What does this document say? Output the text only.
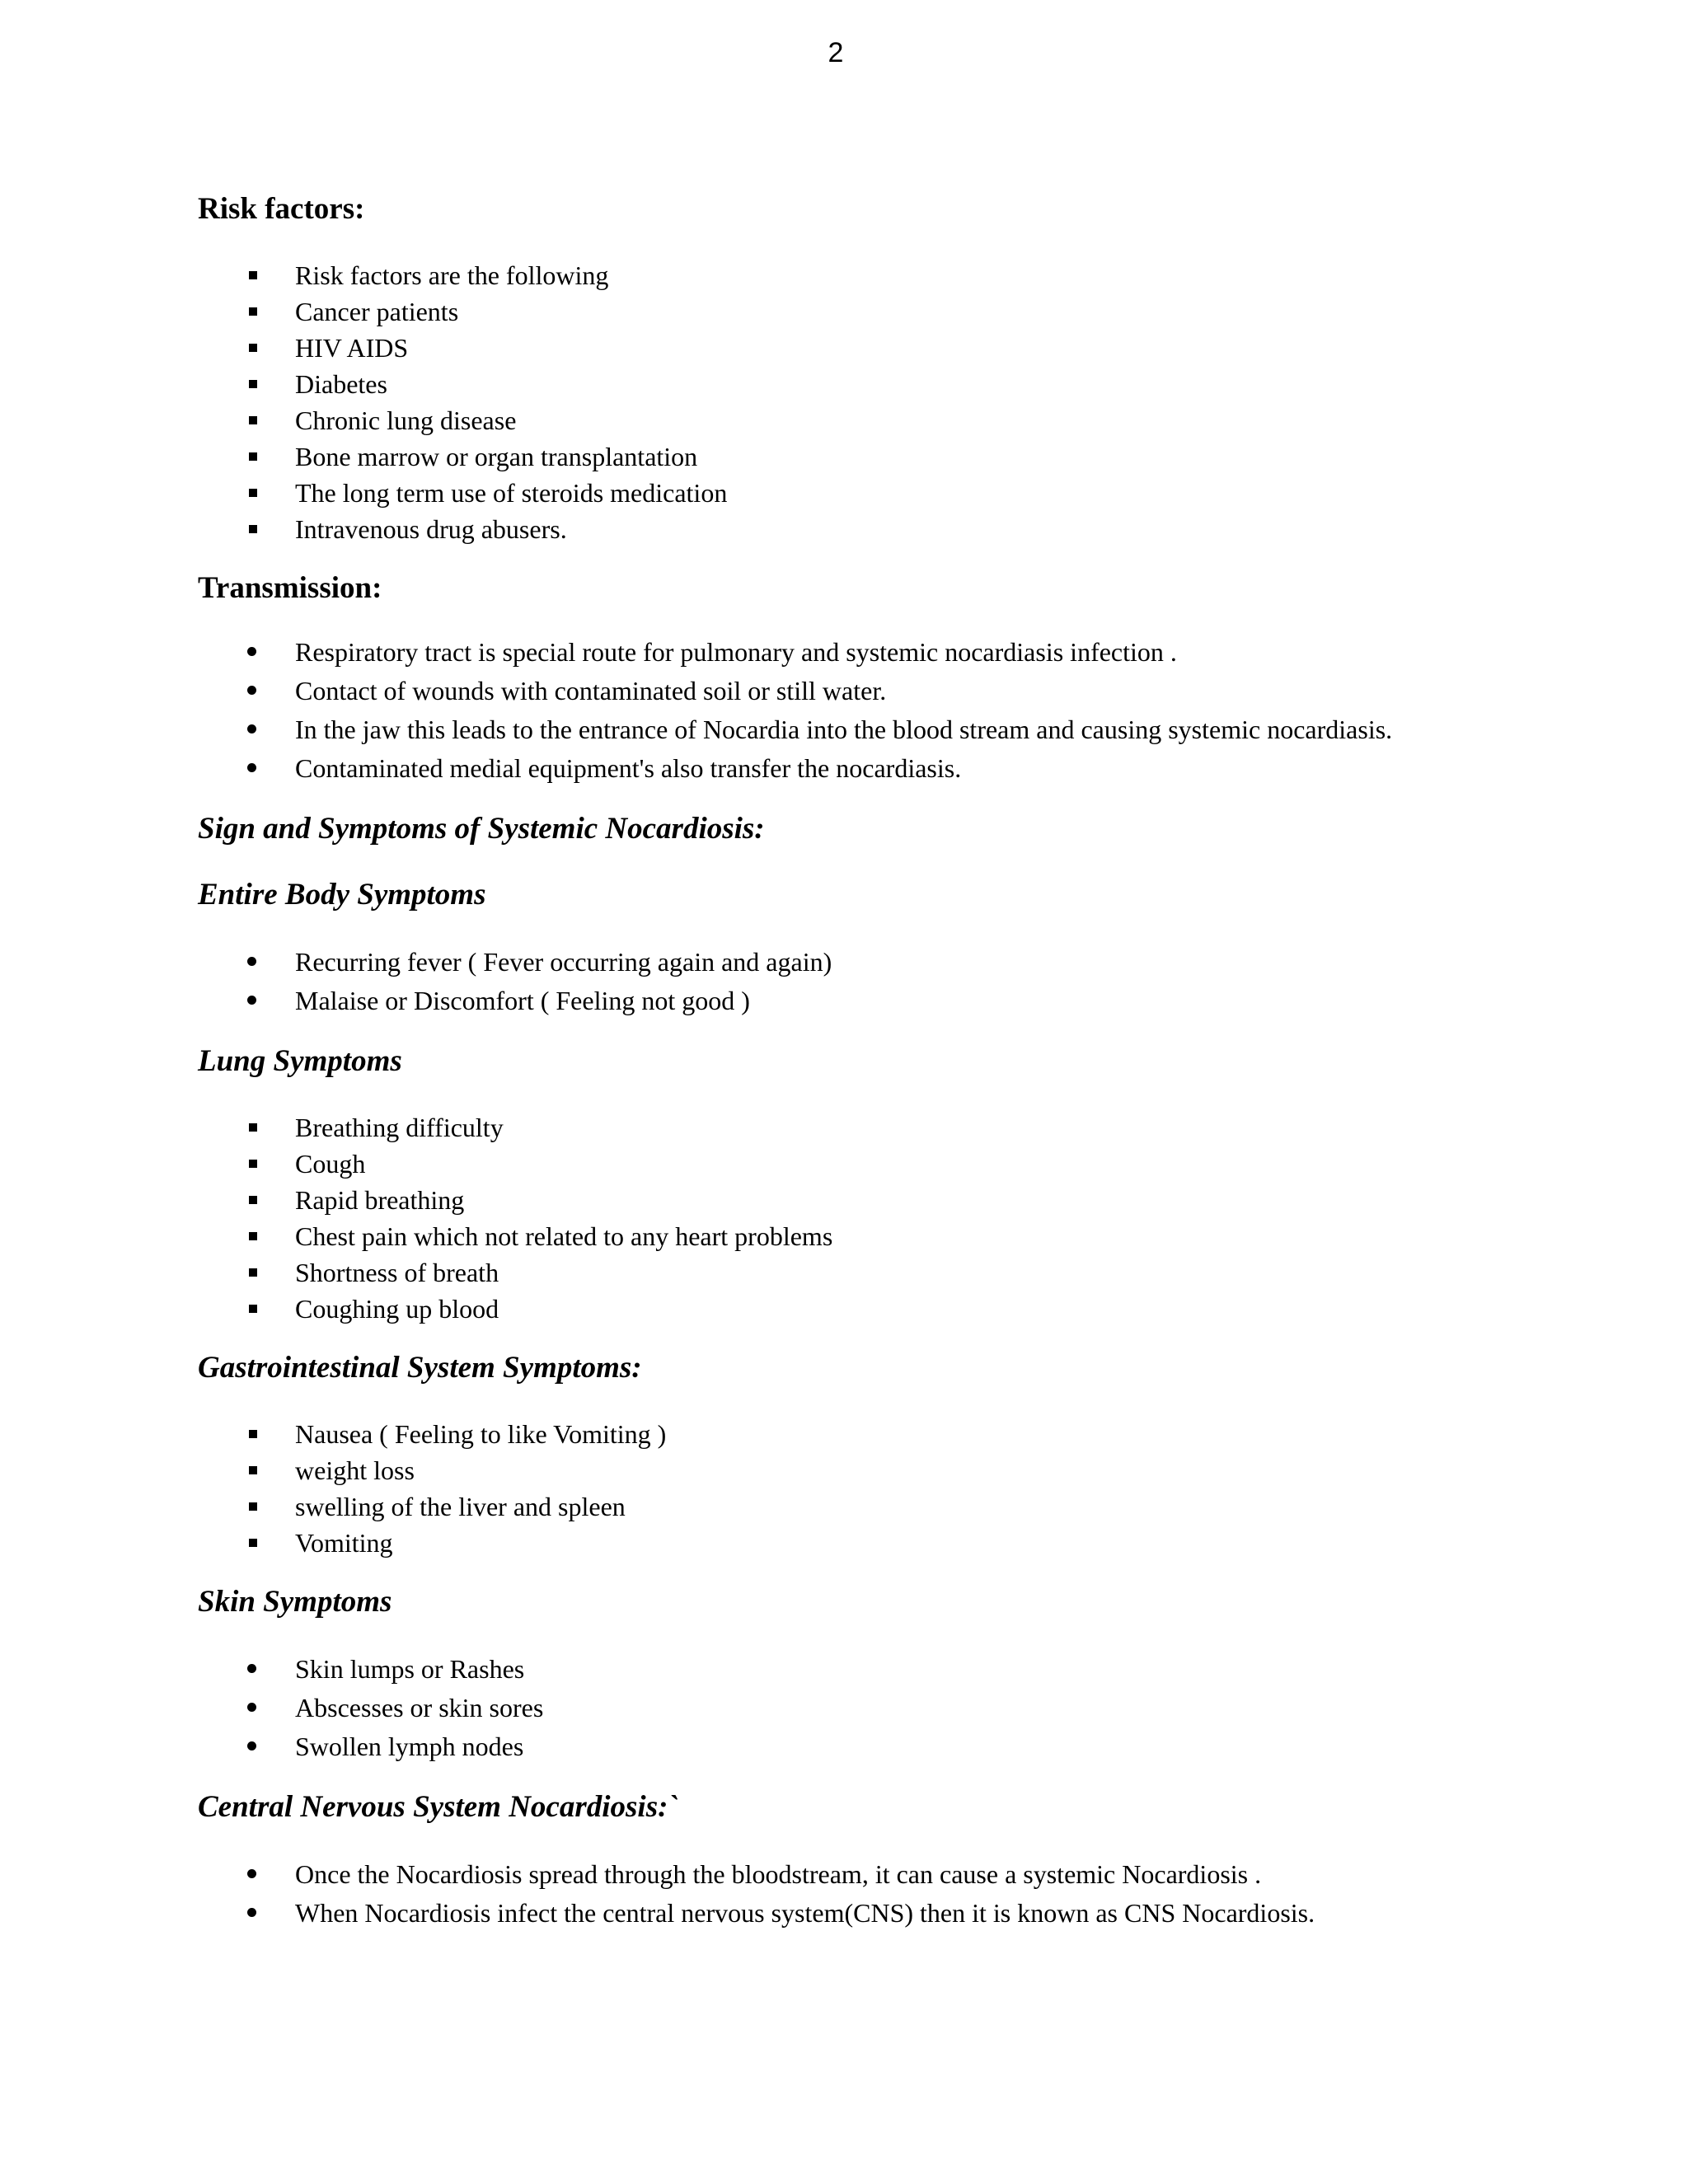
2
Risk factors:
Risk factors are the following
Cancer patients
HIV AIDS
Diabetes
Chronic lung disease
Bone marrow or organ transplantation
The long term use of steroids medication
Intravenous drug abusers.
Transmission:
Respiratory tract is special route for pulmonary and systemic nocardiasis infection .
Contact of wounds with contaminated soil or still water.
In the jaw this leads to the entrance of Nocardia into the blood stream and causing systemic nocardiasis.
Contaminated medial equipment's also transfer the nocardiasis.
Sign and Symptoms of Systemic Nocardiosis:
Entire Body Symptoms
Recurring fever ( Fever occurring again and again)
Malaise or Discomfort ( Feeling not good )
Lung Symptoms
Breathing difficulty
Cough
Rapid breathing
Chest pain which not related to any heart problems
Shortness of breath
Coughing up blood
Gastrointestinal System Symptoms:
Nausea ( Feeling to like Vomiting )
weight loss
swelling of the liver and spleen
Vomiting
Skin Symptoms
Skin lumps or Rashes
Abscesses or skin sores
Swollen lymph nodes
Central Nervous System Nocardiosis:`
Once the Nocardiosis spread through the bloodstream, it can cause a systemic Nocardiosis .
When Nocardiosis infect the central nervous system(CNS) then it is known as CNS Nocardiosis.
